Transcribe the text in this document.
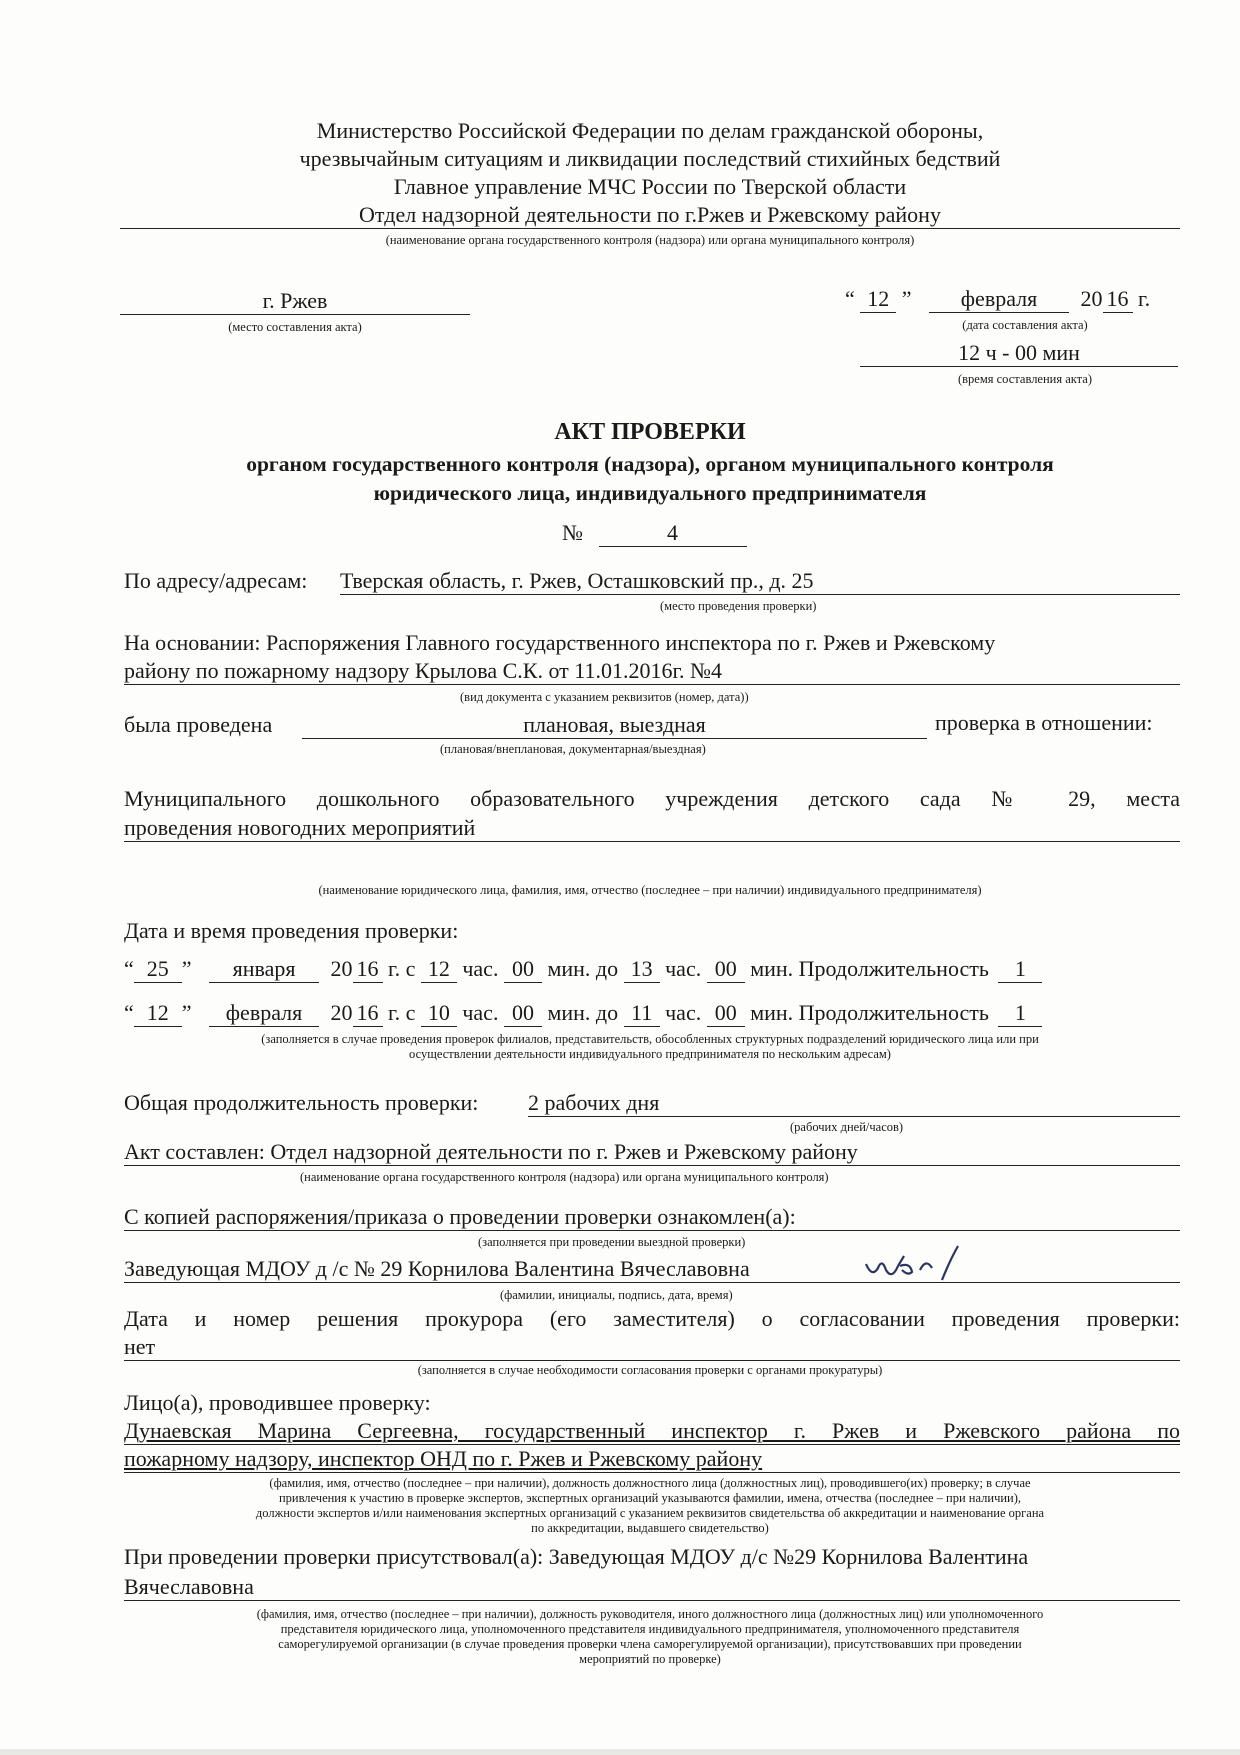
Министерство Российской Федерации по делам гражданской обороны,
чрезвычайным ситуациям и ликвидации последствий стихийных бедствий
Главное управление МЧС России по Тверской области
Отдел надзорной деятельности по г.Ржев и Ржевскому району
(наименование органа государственного контроля (надзора) или органа муниципального контроля)
г. Ржев
(место составления акта)
“ 12 ” февраля 20 16 г.
(дата составления акта)
12 ч - 00 мин
(время составления акта)
АКТ ПРОВЕРКИ
органом государственного контроля (надзора), органом муниципального контроля
юридического лица, индивидуального предпринимателя
№	4
По адресу/адресам: Тверская область, г. Ржев, Осташковский пр., д. 25
(место проведения проверки)
На основании: Распоряжения Главного государственного инспектора по г. Ржев и Ржевскому
району по пожарному надзору Крылова С.К. от 11.01.2016г. №4
(вид документа с указанием реквизитов (номер, дата))
была проведена	плановая, выездная	проверка в отношении:
(плановая/внеплановая, документарная/выездная)
Муниципального дошкольного образовательного учреждения детского сада № 29, места
проведения новогодних мероприятий
(наименование юридического лица, фамилия, имя, отчество (последнее – при наличии) индивидуального предпринимателя)
Дата и время проведения проверки:
“ 25 ” января 20 16 г. с 12 час. 00 мин. до 13 час. 00 мин. Продолжительность 1
“ 12 ” февраля 20 16 г. с 10 час. 00 мин. до 11 час. 00 мин. Продолжительность 1
(заполняется в случае проведения проверок филиалов, представительств, обособленных структурных подразделений юридического лица или при
осуществлении деятельности индивидуального предпринимателя по нескольким адресам)
Общая продолжительность проверки: 2 рабочих дня
(рабочих дней/часов)
Акт составлен: Отдел надзорной деятельности по г. Ржев и Ржевскому району
(наименование органа государственного контроля (надзора) или органа муниципального контроля)
С копией распоряжения/приказа о проведении проверки ознакомлен(а):
(заполняется при проведении выездной проверки)
Заведующая МДОУ д /с № 29 Корнилова Валентина Вячеславовна
(фамилии, инициалы, подпись, дата, время)
Дата и номер решения прокурора (его заместителя) о согласовании проведения проверки:
нет
(заполняется в случае необходимости согласования проверки с органами прокуратуры)
Лицо(а), проводившее проверку:
Дунаевская Марина Сергеевна, государственный инспектор г. Ржев и Ржевского района по
пожарному надзору, инспектор ОНД по г. Ржев и Ржевскому району
(фамилия, имя, отчество (последнее – при наличии), должность должностного лица (должностных лиц), проводившего(их) проверку; в случае
привлечения к участию в проверке экспертов, экспертных организаций указываются фамилии, имена, отчества (последнее – при наличии),
должности экспертов и/или наименования экспертных организаций с указанием реквизитов свидетельства об аккредитации и наименование органа
по аккредитации, выдавшего свидетельство)
При проведении проверки присутствовал(а): Заведующая МДОУ д/с №29 Корнилова Валентина
Вячеславовна
(фамилия, имя, отчество (последнее – при наличии), должность руководителя, иного должностного лица (должностных лиц) или уполномоченного
представителя юридического лица, уполномоченного представителя индивидуального предпринимателя, уполномоченного представителя
саморегулируемой организации (в случае проведения проверки члена саморегулируемой организации), присутствовавших при проведении
мероприятий по проверке)
